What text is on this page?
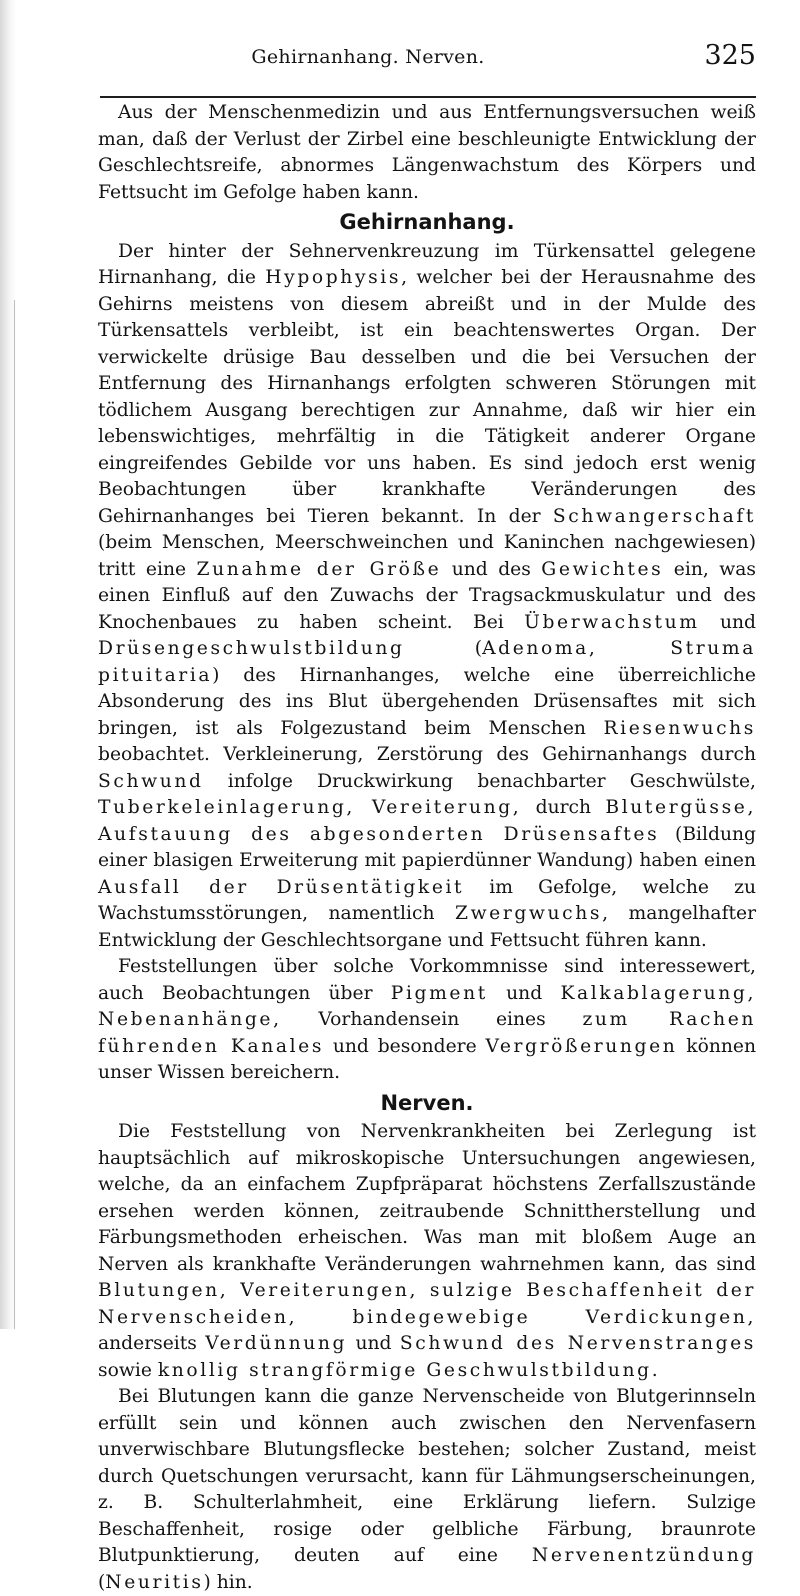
Gehirnanhang. Nerven.	325

Aus der Menschenmedizin und aus Entfernungsversuchen weiß man, daß der Verlust der Zirbel eine beschleunigte Entwicklung der Geschlechtsreife, abnormes Längenwachstum des Körpers und Fettsucht im Gefolge haben kann.

Gehirnanhang.

Der hinter der Sehnervenkreuzung im Türkensattel gelegene Hirnanhang, die Hypophysis, welcher bei der Herausnahme des Gehirns meistens von diesem abreißt und in der Mulde des Türkensattels verbleibt, ist ein beachtenswertes Organ. Der verwickelte drüsige Bau desselben und die bei Versuchen der Entfernung des Hirnanhangs erfolgten schweren Störungen mit tödlichem Ausgang berechtigen zur Annahme, daß wir hier ein lebenswichtiges, mehrfältig in die Tätigkeit anderer Organe eingreifendes Gebilde vor uns haben. Es sind jedoch erst wenig Beobachtungen über krankhafte Veränderungen des Gehirnanhanges bei Tieren bekannt. In der Schwangerschaft (beim Menschen, Meerschweinchen und Kaninchen nachgewiesen) tritt eine Zunahme der Größe und des Gewichtes ein, was einen Einfluß auf den Zuwachs der Tragsackmuskulatur und des Knochenbaues zu haben scheint. Bei Überwachstum und Drüsengeschwulstbildung (Adenoma, Struma pituitaria) des Hirnanhanges, welche eine überreichliche Absonderung des ins Blut übergehenden Drüsensaftes mit sich bringen, ist als Folgezustand beim Menschen Riesenwuchs beobachtet. Verkleinerung, Zerstörung des Gehirnanhangs durch Schwund infolge Druckwirkung benachbarter Geschwülste, Tuberkeleinlagerung, Vereiterung, durch Blutergüsse, Aufstauung des abgesonderten Drüsensaftes (Bildung einer blasigen Erweiterung mit papierdünner Wandung) haben einen Ausfall der Drüsentätigkeit im Gefolge, welche zu Wachstumsstörungen, namentlich Zwergwuchs, mangelhafter Entwicklung der Geschlechtsorgane und Fettsucht führen kann.

Feststellungen über solche Vorkommnisse sind interessewert, auch Beobachtungen über Pigment und Kalkablagerung, Nebenanhänge, Vorhandensein eines zum Rachen führenden Kanales und besondere Vergrößerungen können unser Wissen bereichern.

Nerven.

Die Feststellung von Nervenkrankheiten bei Zerlegung ist hauptsächlich auf mikroskopische Untersuchungen angewiesen, welche, da an einfachem Zupfpräparat höchstens Zerfallszustände ersehen werden können, zeitraubende Schnittherstellung und Färbungsmethoden erheischen. Was man mit bloßem Auge an Nerven als krankhafte Veränderungen wahrnehmen kann, das sind Blutungen, Vereiterungen, sulzige Beschaffenheit der Nervenscheiden, bindegewebige Verdickungen, anderseits Verdünnung und Schwund des Nervenstranges sowie knollig strangförmige Geschwulstbildung.

Bei Blutungen kann die ganze Nervenscheide von Blutgerinnseln erfüllt sein und können auch zwischen den Nervenfasern unverwischbare Blutungsflecke bestehen; solcher Zustand, meist durch Quetschungen verursacht, kann für Lähmungserscheinungen, z. B. Schulterlahmheit, eine Erklärung liefern. Sulzige Beschaffenheit, rosige oder gelbliche Färbung, braunrote Blutpunktierung, deuten auf eine Nervenentzündung (Neuritis) hin.
